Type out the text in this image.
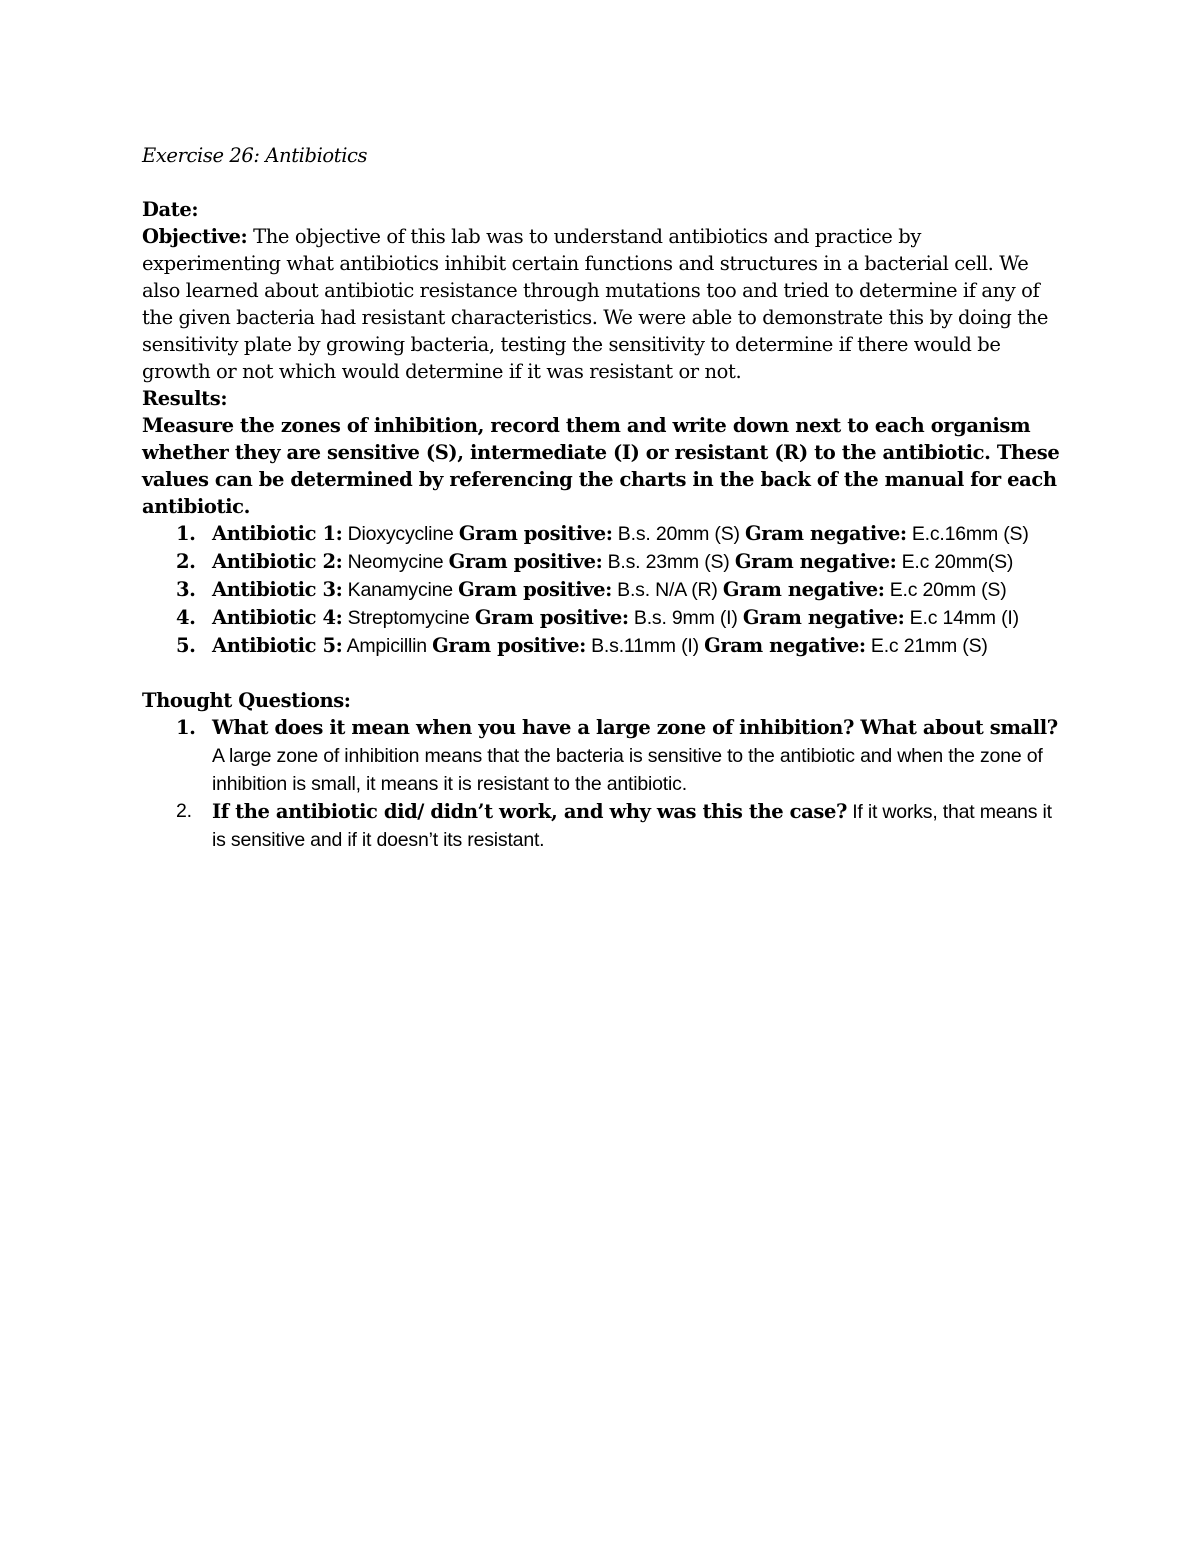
Exercise 26: Antibiotics

Date:

Objective: The objective of this lab was to understand antibiotics and practice by experimenting what antibiotics inhibit certain functions and structures in a bacterial cell. We also learned about antibiotic resistance through mutations too and tried to determine if any of the given bacteria had resistant characteristics. We were able to demonstrate this by doing the sensitivity plate by growing bacteria, testing the sensitivity to determine if there would be growth or not which would determine if it was resistant or not.

Results:

Measure the zones of inhibition, record them and write down next to each organism whether they are sensitive (S), intermediate (I) or resistant (R) to the antibiotic. These values can be determined by referencing the charts in the back of the manual for each antibiotic.

1. Antibiotic 1: Dioxycycline Gram positive: B.s. 20mm (S) Gram negative: E.c.16mm (S)
2. Antibiotic 2: Neomycine Gram positive: B.s. 23mm (S) Gram negative: E.c 20mm(S)
3. Antibiotic 3: Kanamycine Gram positive: B.s. N/A (R) Gram negative: E.c 20mm (S)
4. Antibiotic 4: Streptomycine Gram positive: B.s. 9mm (I) Gram negative: E.c 14mm (I)
5. Antibiotic 5: Ampicillin Gram positive: B.s.11mm (I) Gram negative: E.c 21mm (S)

Thought Questions:

1. What does it mean when you have a large zone of inhibition? What about small? A large zone of inhibition means that the bacteria is sensitive to the antibiotic and when the zone of inhibition is small, it means it is resistant to the antibiotic.
2. If the antibiotic did/ didn’t work, and why was this the case? If it works, that means it is sensitive and if it doesn’t its resistant.
